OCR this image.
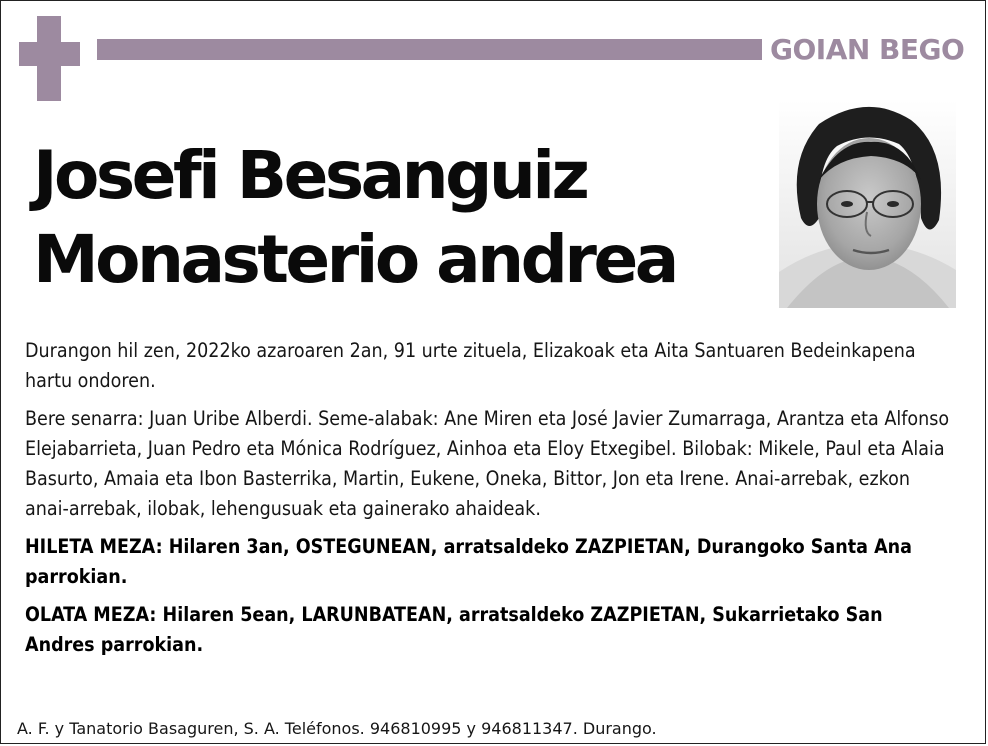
GOIAN BEGO
Josefi Besanguiz
Monasterio andrea

Durangon hil zen, 2022ko azaroaren 2an, 91 urte zituela, Elizakoak eta Aita Santuaren Bedeinkapena hartu ondoren.

Bere senarra: Juan Uribe Alberdi. Seme-alabak: Ane Miren eta José Javier Zumarraga, Arantza eta Alfonso Elejabarrieta, Juan Pedro eta Mónica Rodríguez, Ainhoa eta Eloy Etxegibel. Bilobak: Mikele, Paul eta Alaia Basurto, Amaia eta Ibon Basterrika, Martin, Eukene, Oneka, Bittor, Jon eta Irene. Anai-arrebak, ezkon anai-arrebak, ilobak, lehengusuak eta gainerako ahaideak.

HILETA MEZA: Hilaren 3an, OSTEGUNEAN, arratsaldeko ZAZPIETAN, Durangoko Santa Ana parrokian.

OLATA MEZA: Hilaren 5ean, LARUNBATEAN, arratsaldeko ZAZPIETAN, Sukarrietako San Andres parrokian.

A. F. y Tanatorio Basaguren, S. A. Teléfonos. 946810995 y 946811347. Durango.
